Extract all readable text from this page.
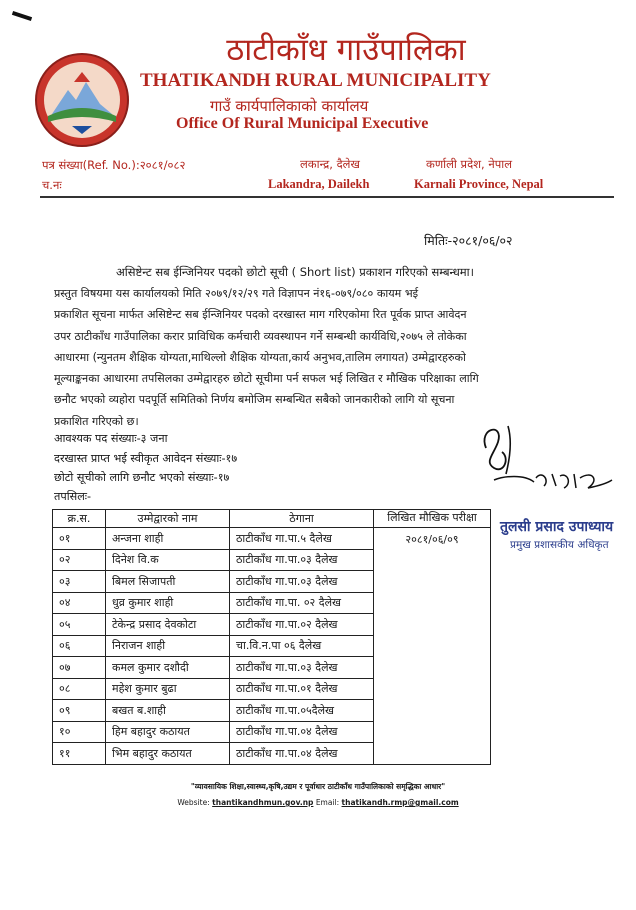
ठाटीकाँध गाउँपालिका
THATIKANDH RURAL MUNICIPALITY
गाउँ कार्यपालिकाको कार्यालय
Office Of Rural Municipal Executive
पत्र संख्या(Ref. No.):२०८१/०८२
च.नः
लकान्द्र, दैलेख
Lakandra, Dailekh
कर्णाली प्रदेश, नेपाल
Karnali Province, Nepal
मितिः-२०८१/०६/०२
असिष्टेन्ट सब ईन्जिनियर पदको छोटो सूची ( Short list) प्रकाशन गरिएको सम्बन्धमा।
प्रस्तुत विषयमा यस कार्यालयको मिति २०७९/१२/२९ गते विज्ञापन नं१६-०७९/०८० कायम भई
प्रकाशित सूचना मार्फत असिष्टेन्ट सब ईन्जिनियर पदको दरखास्त माग गरिएकोमा रित पूर्वक प्राप्त आवेदन
उपर ठाटीकाँध गाउँपालिका करार प्राविधिक कर्मचारी व्यवस्थापन गर्ने सम्बन्धी कार्यविधि,२०७५ ले तोकेका
आधारमा (न्युनतम शैक्षिक योग्यता,माथिल्लो शैक्षिक योग्यता,कार्य अनुभव,तालिम लगायत) उम्मेद्वारहरुको
मूल्याङ्कनका आधारमा तपसिलका उम्मेद्वारहरु छोटो सूचीमा पर्न सफल भई लिखित र मौखिक परिक्षाका लागि
छनौट भएको व्यहोरा पदपूर्ति समितिको निर्णय बमोजिम सम्बन्धित सबैको जानकारीको लागि यो सूचना
प्रकाशित गरिएको छ।
आवश्यक पद संख्याः-३ जना
दरखास्त प्राप्त भई स्वीकृत आवेदन संख्याः-१७
छोटो सूचीको लागि छनौट भएको संख्याः-१७
तपसिलः-
क्र.स.	उम्मेद्वारको नाम	ठेगाना	लिखित मौखिक परीक्षा
०१	अन्जना शाही	ठाटीकाँध गा.पा.५ दैलेख	२०८१/०६/०९
०२	दिनेश वि.क	ठाटीकाँध गा.पा.०३ दैलेख	
०३	बिमल सिजापती	ठाटीकाँध गा.पा.०३ दैलेख	
०४	धुव्र कुमार शाही	ठाटीकाँध गा.पा. ०२ दैलेख	
०५	टेकेन्द्र प्रसाद देवकोटा	ठाटीकाँध गा.पा.०२ दैलेख	
०६	निराजन शाही	चा.वि.न.पा ०६ दैलेख	
०७	कमल कुमार दशौदी	ठाटीकाँध गा.पा.०३ दैलेख	
०८	महेश कुमार बुढा	ठाटीकाँध गा.पा.०१ दैलेख	
०९	बखत ब.शाही	ठाटीकाँध गा.पा.०५दैलेख	
१०	हिम बहादुर कठायत	ठाटीकाँध गा.पा.०४ दैलेख	
११	भिम बहादुर कठायत	ठाटीकाँध गा.पा.०४ दैलेख	
तुलसी प्रसाद उपाध्याय
प्रमुख प्रशासकीय अधिकृत
"व्यावसायिक शिक्षा,स्वास्थ्य,कृषि,उद्यम र पूर्वाधार ठाटीकाँध गाउँपालिकाको समृद्धिका आधार"
Website: thantikandhmun.gov.np Email: thatikandh.rmp@gmail.com
